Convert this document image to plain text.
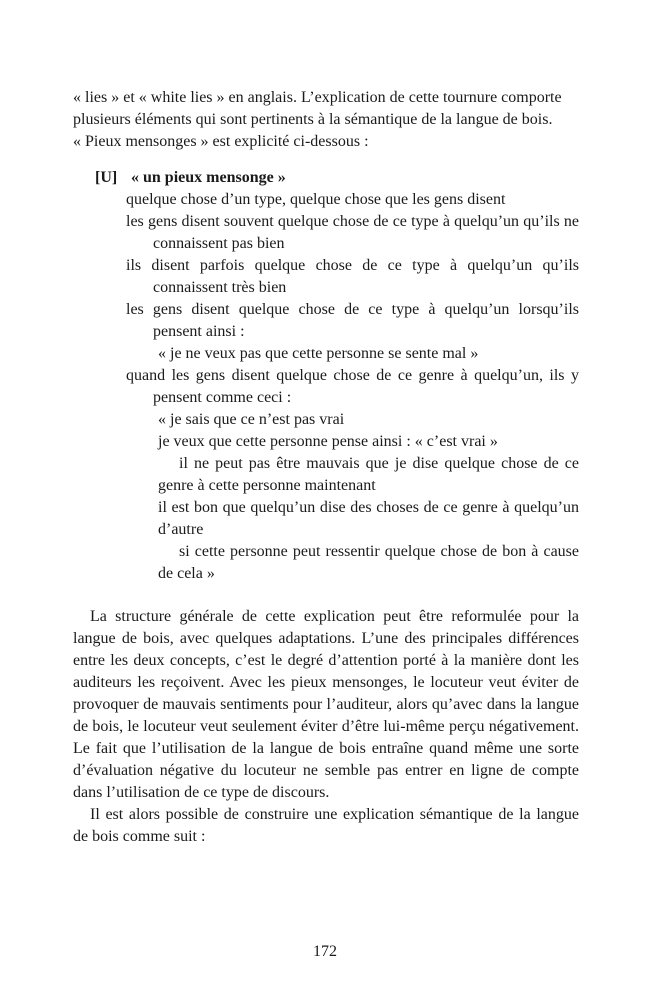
« lies » et « white lies » en anglais. L’explication de cette tournure comporte

plusieurs éléments qui sont pertinents à la sémantique de la langue de bois.

« Pieux mensonges » est explicité ci-dessous :

[U] « un pieux mensonge »

quelque chose d’un type, quelque chose que les gens disent

les gens disent souvent quelque chose de ce type à quelqu’un qu’ils ne connaissent pas bien

ils disent parfois quelque chose de ce type à quelqu’un qu’ils connaissent très bien

les gens disent quelque chose de ce type à quelqu’un lorsqu’ils pensent ainsi :

« je ne veux pas que cette personne se sente mal »

quand les gens disent quelque chose de ce genre à quelqu’un, ils y pensent comme ceci :

« je sais que ce n’est pas vrai

je veux que cette personne pense ainsi : « c’est vrai »

il ne peut pas être mauvais que je dise quelque chose de ce genre à cette personne maintenant

il est bon que quelqu’un dise des choses de ce genre à quelqu’un d’autre

si cette personne peut ressentir quelque chose de bon à cause de cela »

La structure générale de cette explication peut être reformulée pour la langue de bois, avec quelques adaptations. L’une des principales différences entre les deux concepts, c’est le degré d’attention porté à la manière dont les auditeurs les reçoivent. Avec les pieux mensonges, le locuteur veut éviter de provoquer de mauvais sentiments pour l’auditeur, alors qu’avec dans la langue de bois, le locuteur veut seulement éviter d’être lui-même perçu négativement. Le fait que l’utilisation de la langue de bois entraîne quand même une sorte d’évaluation négative du locuteur ne semble pas entrer en ligne de compte dans l’utilisation de ce type de discours.

Il est alors possible de construire une explication sémantique de la langue de bois comme suit :

172
